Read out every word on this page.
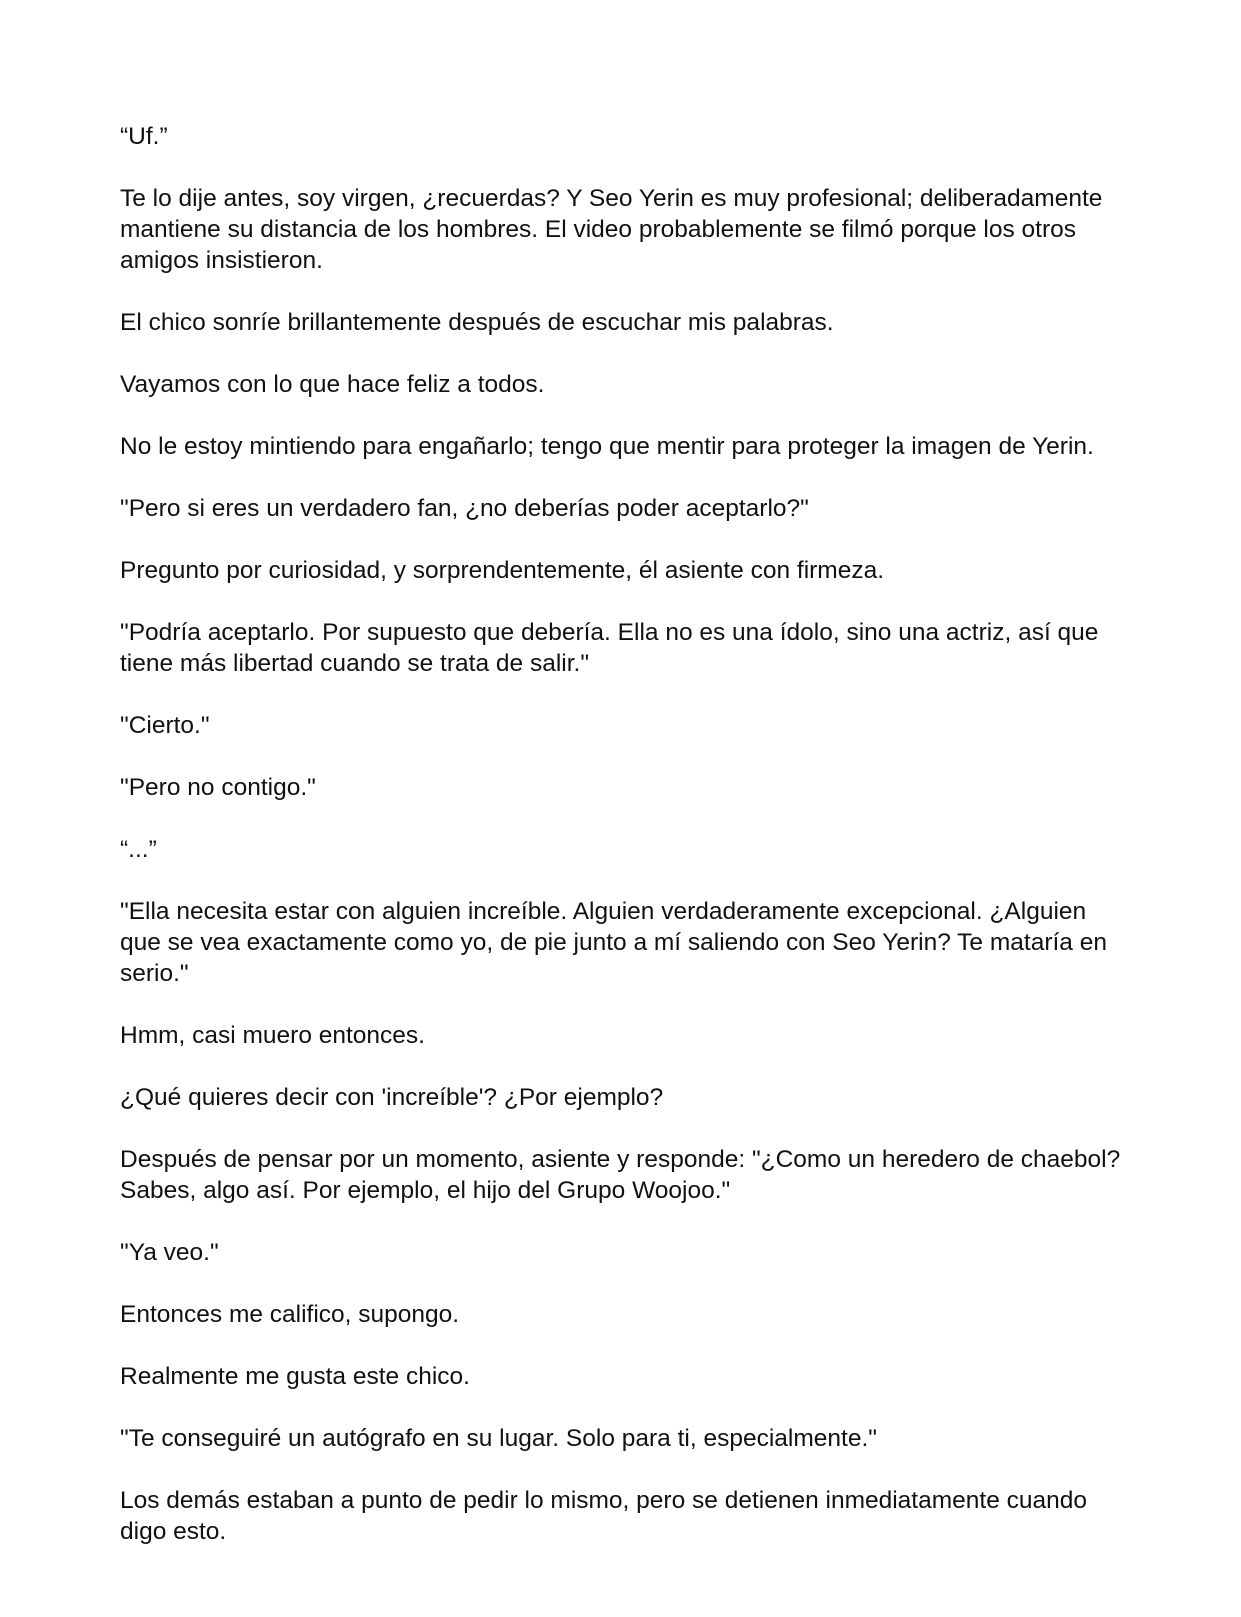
“Uf.”

Te lo dije antes, soy virgen, ¿recuerdas? Y Seo Yerin es muy profesional; deliberadamente mantiene su distancia de los hombres. El video probablemente se filmó porque los otros amigos insistieron.

El chico sonríe brillantemente después de escuchar mis palabras.

Vayamos con lo que hace feliz a todos.

No le estoy mintiendo para engañarlo; tengo que mentir para proteger la imagen de Yerin.

"Pero si eres un verdadero fan, ¿no deberías poder aceptarlo?"

Pregunto por curiosidad, y sorprendentemente, él asiente con firmeza.

"Podría aceptarlo. Por supuesto que debería. Ella no es una ídolo, sino una actriz, así que tiene más libertad cuando se trata de salir."

"Cierto."

"Pero no contigo."

“...”

"Ella necesita estar con alguien increíble. Alguien verdaderamente excepcional. ¿Alguien que se vea exactamente como yo, de pie junto a mí saliendo con Seo Yerin? Te mataría en serio."

Hmm, casi muero entonces.

¿Qué quieres decir con 'increíble'? ¿Por ejemplo?

Después de pensar por un momento, asiente y responde: "¿Como un heredero de chaebol? Sabes, algo así. Por ejemplo, el hijo del Grupo Woojoo."

"Ya veo."

Entonces me califico, supongo.

Realmente me gusta este chico.

"Te conseguiré un autógrafo en su lugar. Solo para ti, especialmente."

Los demás estaban a punto de pedir lo mismo, pero se detienen inmediatamente cuando digo esto.
